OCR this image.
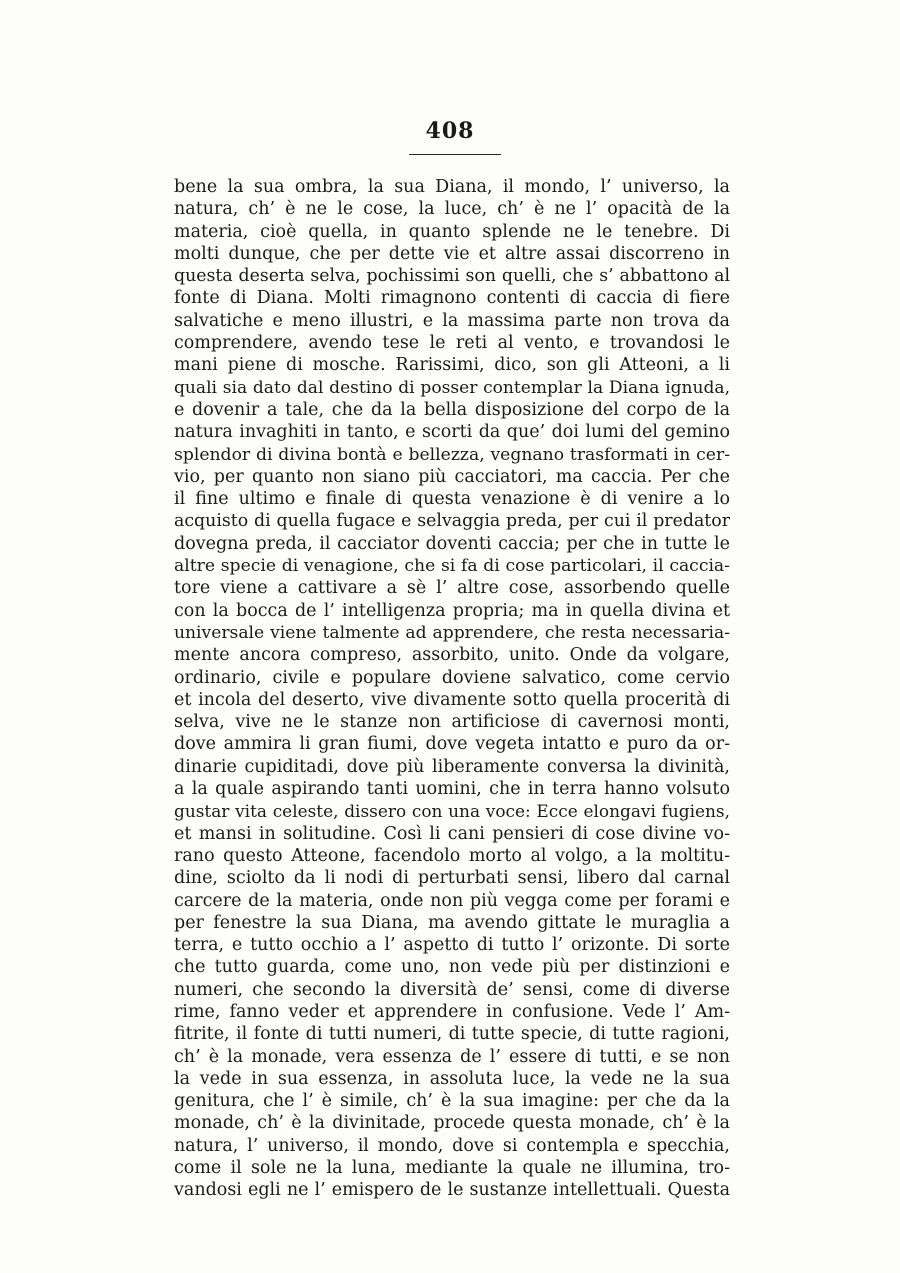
408
bene la sua ombra, la sua Diana, il mondo, l’ universo, la
natura, ch’ è ne le cose, la luce, ch’ è ne l’ opacità de la
materia, cioè quella, in quanto splende ne le tenebre. Di
molti dunque, che per dette vie et altre assai discorreno in
questa deserta selva, pochissimi son quelli, che s’ abbattono al
fonte di Diana. Molti rimagnono contenti di caccia di fiere
salvatiche e meno illustri, e la massima parte non trova da
comprendere, avendo tese le reti al vento, e trovandosi le
mani piene di mosche. Rarissimi, dico, son gli Atteoni, a li
quali sia dato dal destino di posser contemplar la Diana ignuda,
e dovenir a tale, che da la bella disposizione del corpo de la
natura invaghiti in tanto, e scorti da que’ doi lumi del gemino
splendor di divina bontà e bellezza, vegnano trasformati in cer-
vio, per quanto non siano più cacciatori, ma caccia. Per che
il fine ultimo e finale di questa venazione è di venire a lo
acquisto di quella fugace e selvaggia preda, per cui il predator
dovegna preda, il cacciator doventi caccia; per che in tutte le
altre specie di venagione, che si fa di cose particolari, il caccia-
tore viene a cattivare a sè l’ altre cose, assorbendo quelle
con la bocca de l’ intelligenza propria; ma in quella divina et
universale viene talmente ad apprendere, che resta necessaria-
mente ancora compreso, assorbito, unito. Onde da volgare,
ordinario, civile e populare doviene salvatico, come cervio
et incola del deserto, vive divamente sotto quella procerità di
selva, vive ne le stanze non artificiose di cavernosi monti,
dove ammira li gran fiumi, dove vegeta intatto e puro da or-
dinarie cupiditadi, dove più liberamente conversa la divinità,
a la quale aspirando tanti uomini, che in terra hanno volsuto
gustar vita celeste, dissero con una voce: Ecce elongavi fugiens,
et mansi in solitudine. Così li cani pensieri di cose divine vo-
rano questo Atteone, facendolo morto al volgo, a la moltitu-
dine, sciolto da li nodi di perturbati sensi, libero dal carnal
carcere de la materia, onde non più vegga come per forami e
per fenestre la sua Diana, ma avendo gittate le muraglia a
terra, e tutto occhio a l’ aspetto di tutto l’ orizonte. Di sorte
che tutto guarda, come uno, non vede più per distinzioni e
numeri, che secondo la diversità de’ sensi, come di diverse
rime, fanno veder et apprendere in confusione. Vede l’ Am-
fitrite, il fonte di tutti numeri, di tutte specie, di tutte ragioni,
ch’ è la monade, vera essenza de l’ essere di tutti, e se non
la vede in sua essenza, in assoluta luce, la vede ne la sua
genitura, che l’ è simile, ch’ è la sua imagine: per che da la
monade, ch’ è la divinitade, procede questa monade, ch’ è la
natura, l’ universo, il mondo, dove si contempla e specchia,
come il sole ne la luna, mediante la quale ne illumina, tro-
vandosi egli ne l’ emispero de le sustanze intellettuali. Questa
